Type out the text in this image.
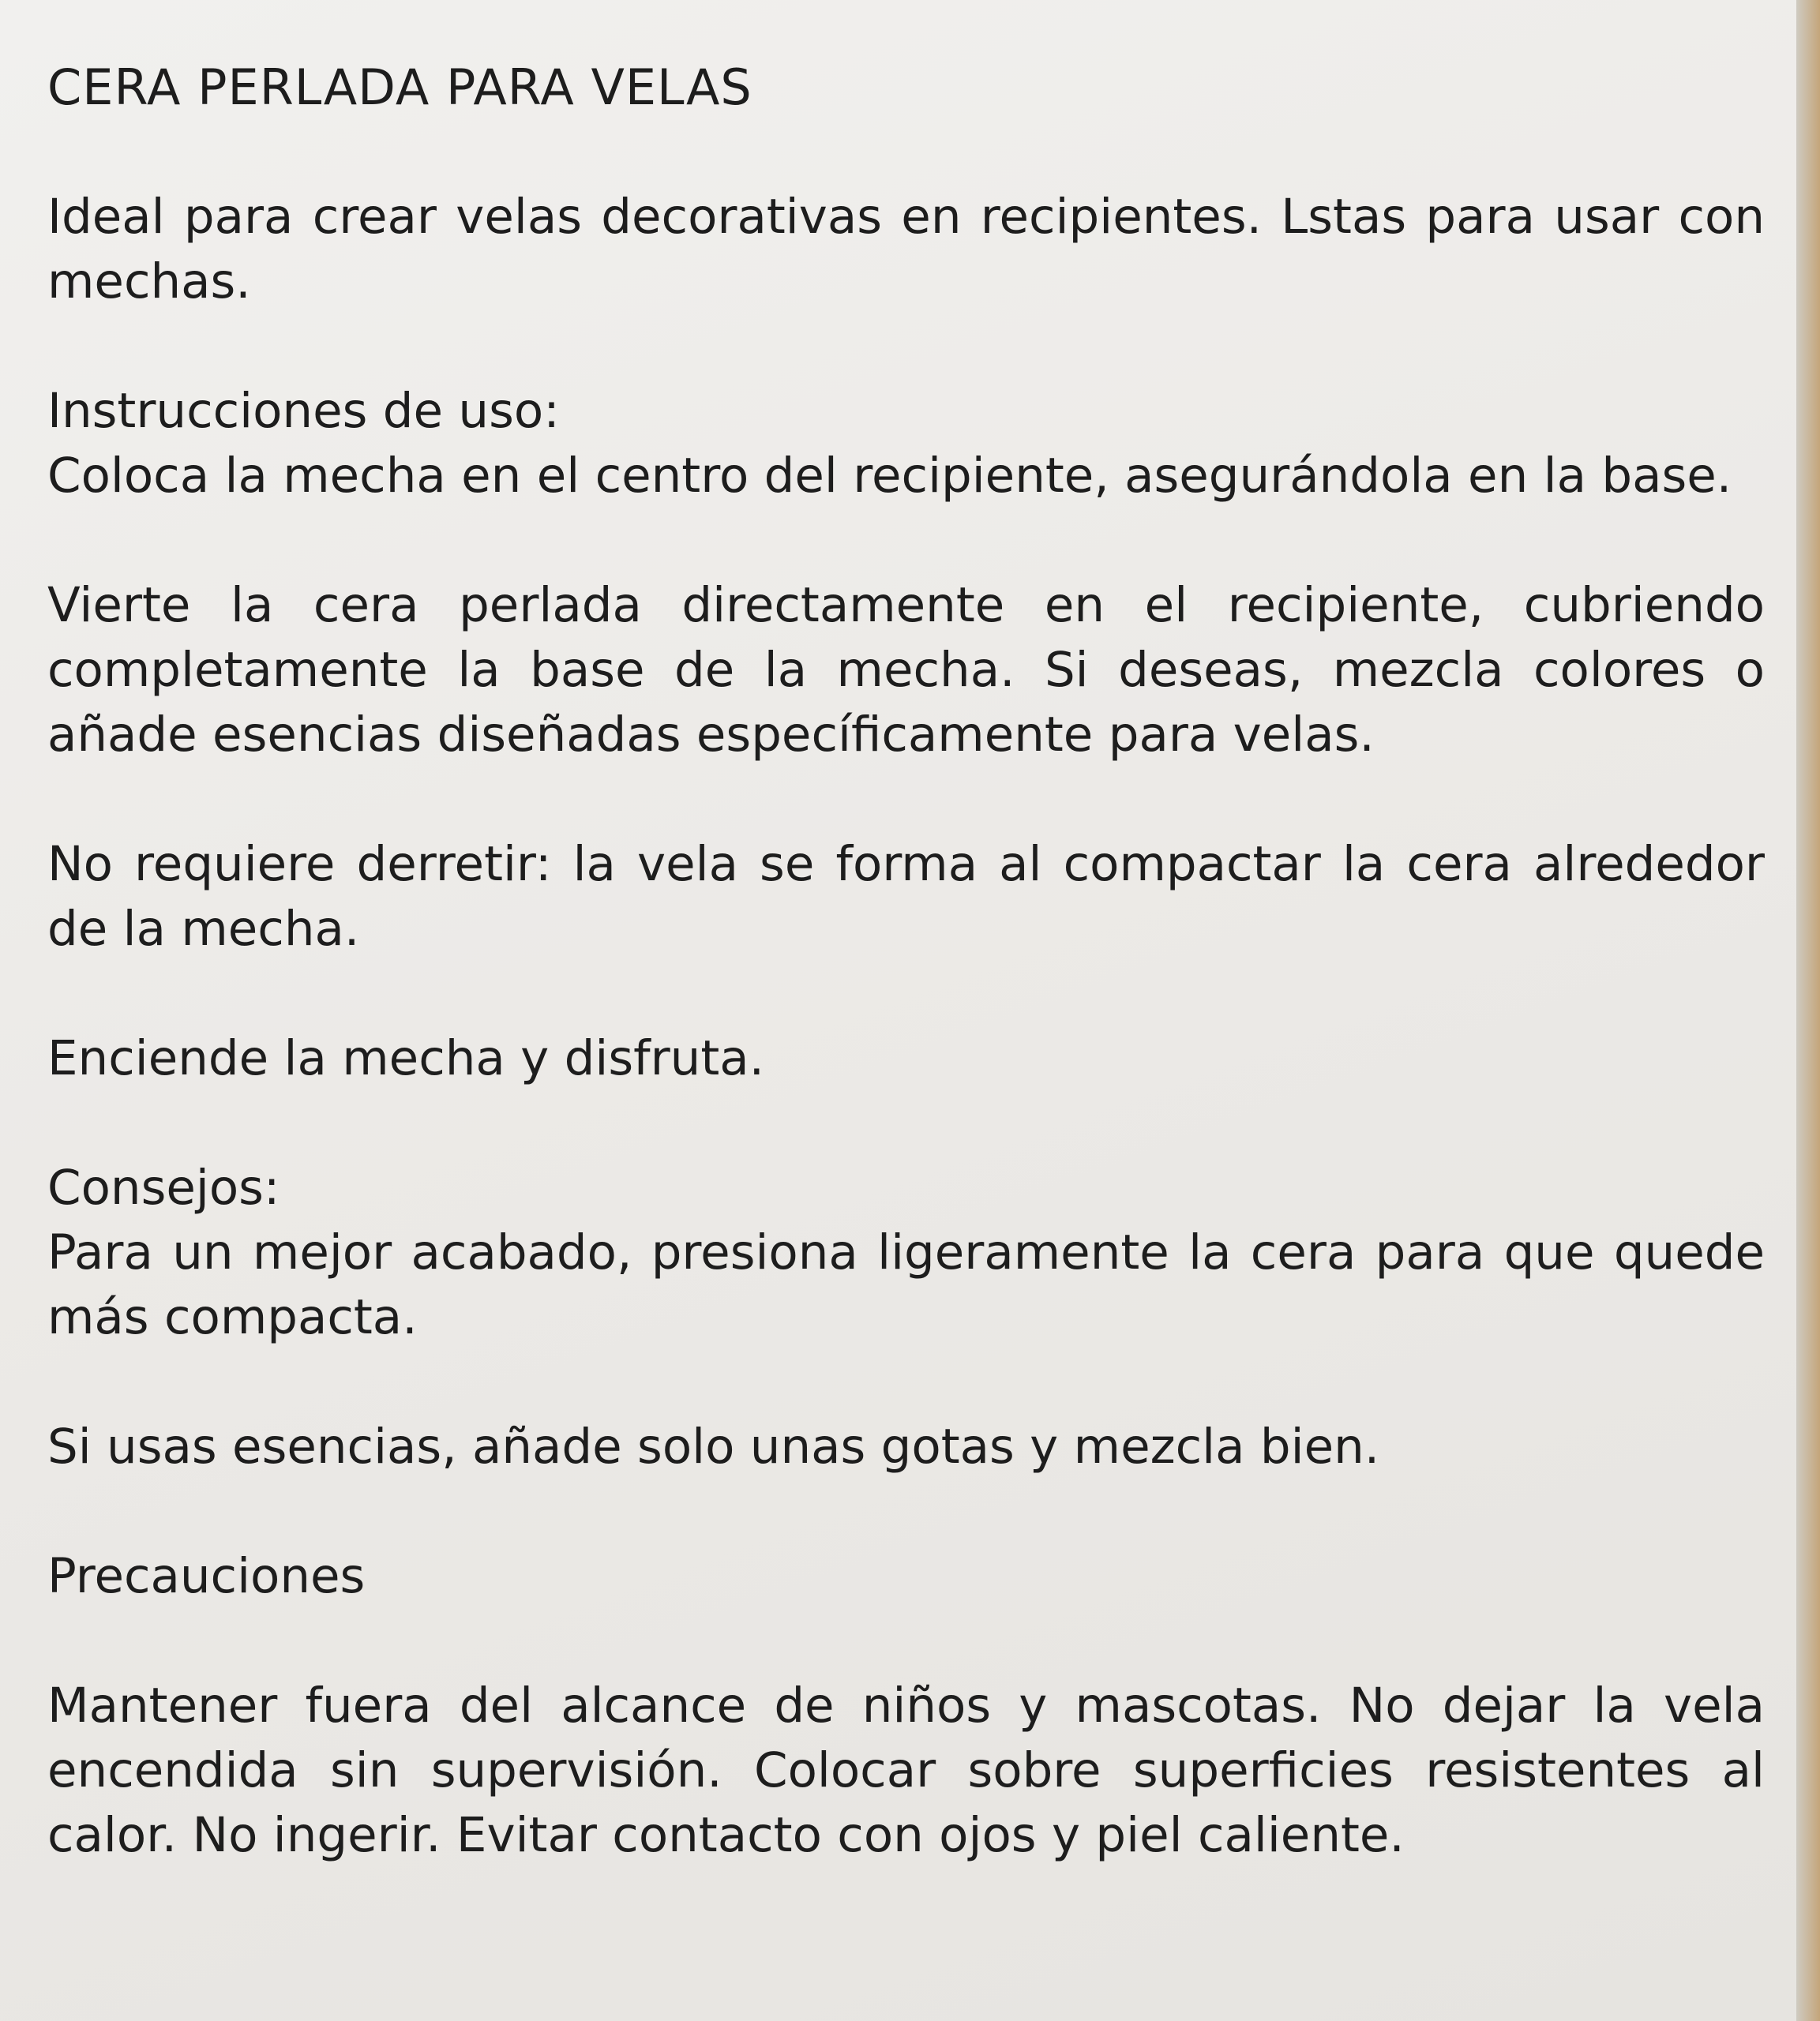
CERA PERLADA PARA VELAS

Ideal para crear velas decorativas en recipientes. Lstas para usar con mechas.

Instrucciones de uso:

Coloca la mecha en el centro del recipiente, asegurándola en la base.

Vierte la cera perlada directamente en el recipiente, cubriendo completamente la base de la mecha. Si deseas, mezcla colores o añade esencias diseñadas específicamente para velas.

No requiere derretir: la vela se forma al compactar la cera alrededor de la mecha.

Enciende la mecha y disfruta.

Consejos:

Para un mejor acabado, presiona ligeramente la cera para que quede más compacta.

Si usas esencias, añade solo unas gotas y mezcla bien.

Precauciones

Mantener fuera del alcance de niños y mascotas. No dejar la vela encendida sin supervisión. Colocar sobre superficies resistentes al calor. No ingerir. Evitar contacto con ojos y piel caliente.
